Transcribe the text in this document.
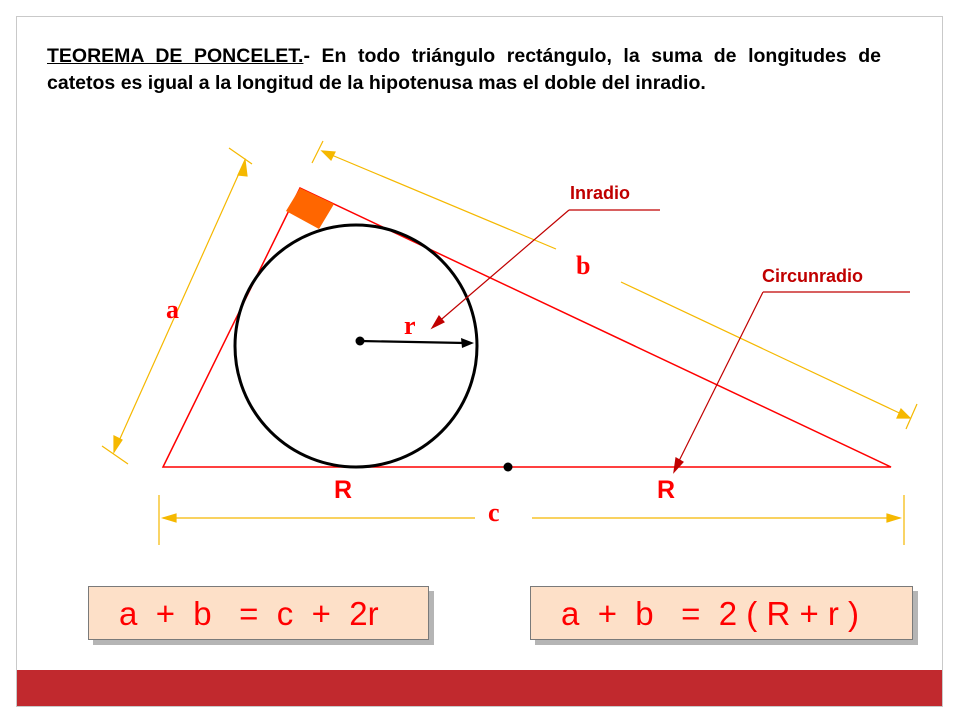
TEOREMA DE PONCELET.- En todo triángulo rectángulo, la suma de longitudes de catetos es igual a la longitud de la hipotenusa mas el doble del inradio.

a
b
c
r
R	R
Inradio
Circunradio
a  +  b   =  c  +  2r	a  +  b   =  2 ( R + r )
